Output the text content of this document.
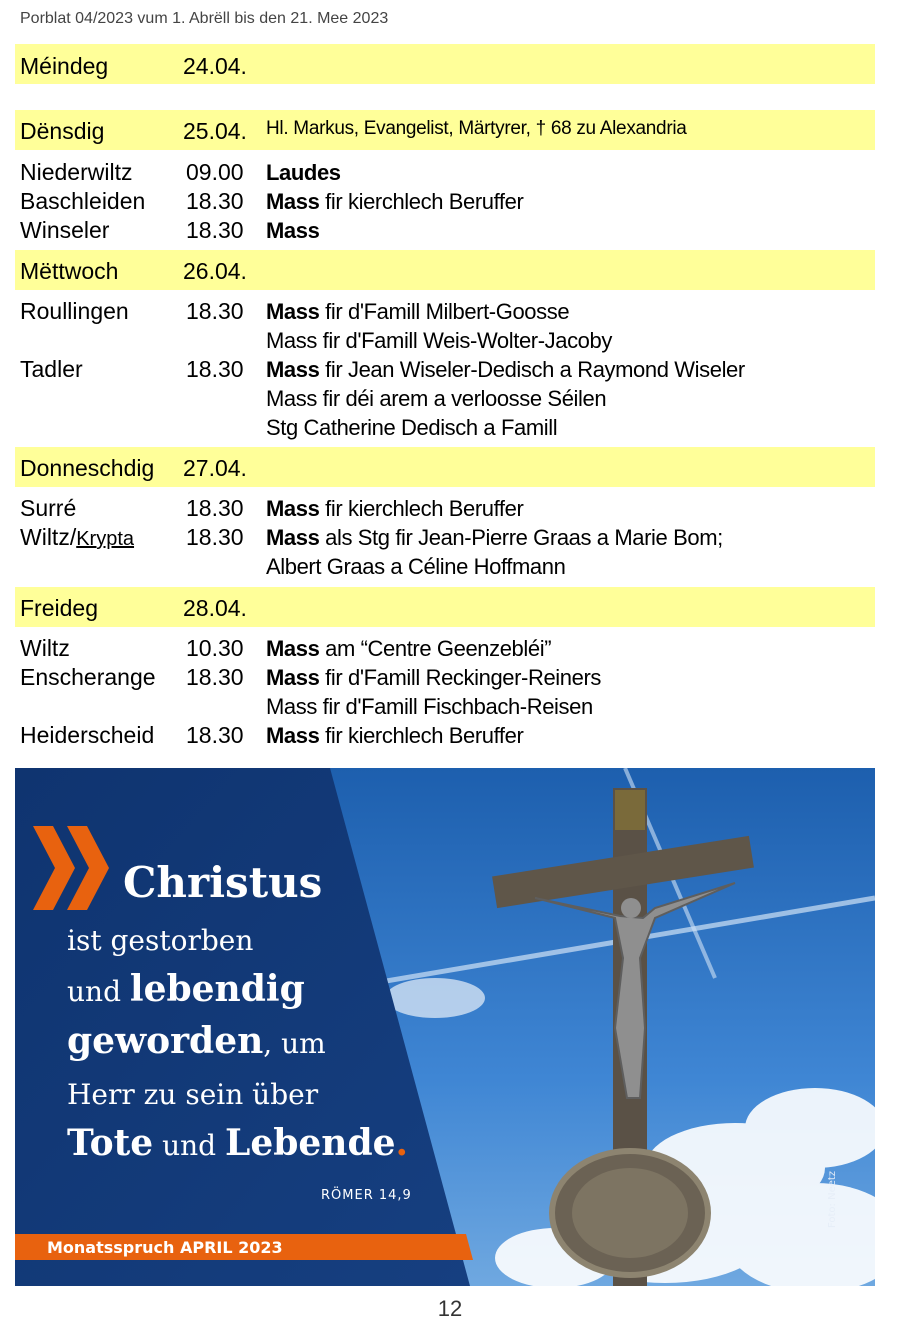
Porblat 04/2023 vum 1. Abrëll bis den 21. Mee 2023
Méindeg	24.04.
Dënsdig	25.04. Hl. Markus, Evangelist, Märtyrer, † 68 zu Alexandria
Niederwiltz 09.00 Laudes
Baschleiden 18.30 Mass fir kierchlech Beruffer
Winseler	18.30 Mass
Mëttwoch	26.04.
Roullingen 18.30 Mass fir d'Famill Milbert-Goosse
Mass fir d'Famill Weis-Wolter-Jacoby
Tadler	18.30 Mass fir Jean Wiseler-Dedisch a Raymond Wiseler
Mass fir déi arem a verloosse Séilen
Stg Catherine Dedisch a Famill
Donneschdig 27.04.
Surré	18.30 Mass fir kierchlech Beruffer
Wiltz/Krypta 18.30 Mass als Stg fir Jean-Pierre Graas a Marie Bom;
Albert Graas a Céline Hoffmann
Freideg	28.04.
Wiltz	10.30 Mass am “Centre Geenzebléi”
Enscherange 18.30 Mass fir d'Famill Reckinger-Reiners
Mass fir d'Famill Fischbach-Reisen
Heiderscheid 18.30 Mass fir kierchlech Beruffer
Christus
ist gestorben
und lebendig
geworden, um
Herr zu sein über
Tote und Lebende.
RÖMER 14,9
Monatsspruch APRIL 2023
Foto: Neetz
12
